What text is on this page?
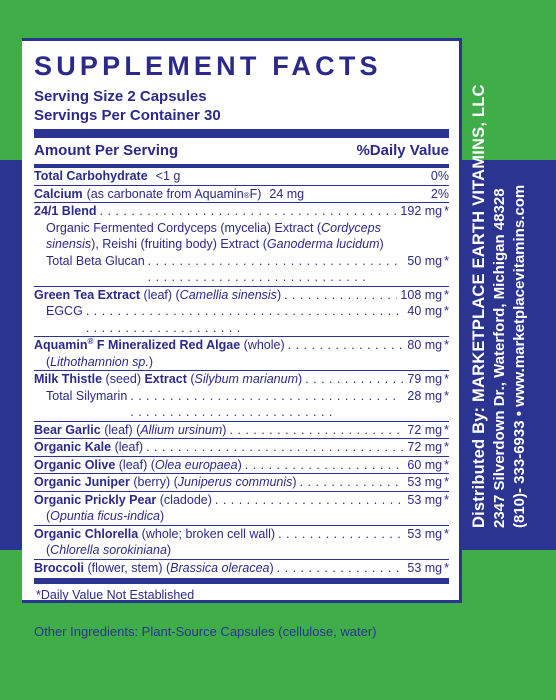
SUPPLEMENT FACTS
Serving Size 2 Capsules
Servings Per Container 30
Amount Per Serving	%Daily Value
Total Carbohydrate <1 g	0%
Calcium (as carbonate from Aquamin ® F) 24 mg	2%
24/1 Blend . . .	192 mg *
Organic Fermented Cordyceps (mycelia) Extract (Cordyceps
sinensis), Reishi (fruiting body) Extract (Ganoderma lucidum)
Total Beta Glucan . . .	50 mg *
Green Tea Extract (leaf) (Camellia sinensis) . . .	108 mg *
EGCG . . .	40 mg *
Aquamin® F Mineralized Red Algae (whole) . . .	80 mg *
(Lithothamnion sp.)
Milk Thistle (seed) Extract (Silybum marianum) . . .	79 mg *
Total Silymarin . . .	28 mg *
Bear Garlic (leaf) (Allium ursinum) . . .	72 mg *
Organic Kale (leaf) . . .	72 mg *
Organic Olive (leaf) (Olea europaea) . . .	60 mg *
Organic Juniper (berry) (Juniperus communis) . . .	53 mg *
Organic Prickly Pear (cladode) . . .	53 mg *
(Opuntia ficus-indica)
Organic Chlorella (whole; broken cell wall) . . .	53 mg *
(Chlorella sorokiniana)
Broccoli (flower, stem) (Brassica oleracea) . . .	53 mg *
*Daily Value Not Established
Other Ingredients: Plant-Source Capsules (cellulose, water)
Distributed By: MARKETPLACE EARTH VITAMINS, LLC 2347 Silverdown Dr., Waterford, Michigan 48328 (810)- 333-6933 • www.marketplacevitamins.com
